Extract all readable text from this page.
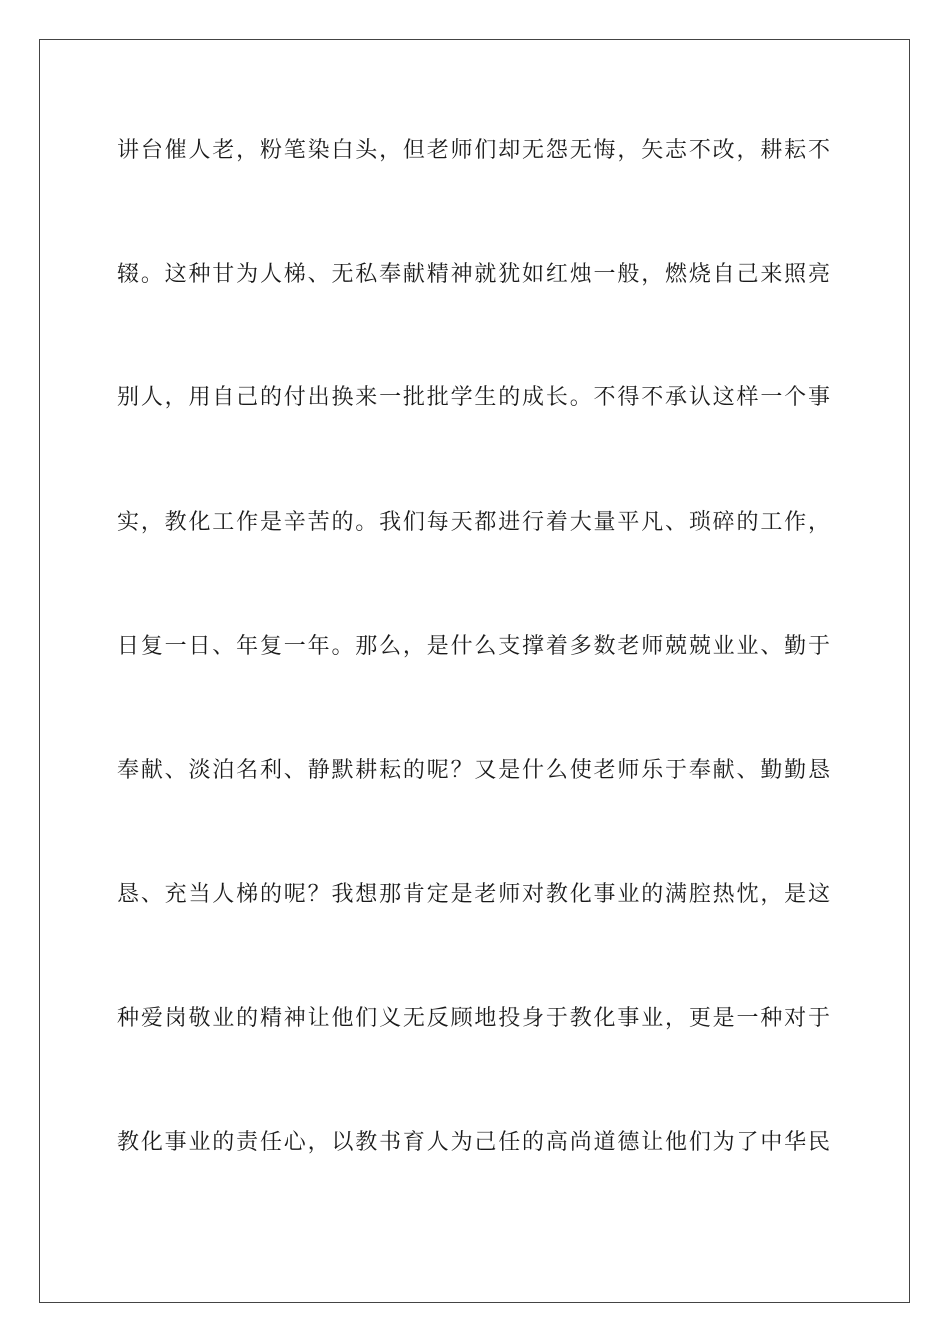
讲台催人老，粉笔染白头，但老师们却无怨无悔，矢志不改，耕耘不
辍。这种甘为人梯、无私奉献精神就犹如红烛一般，燃烧自己来照亮
别人，用自己的付出换来一批批学生的成长。不得不承认这样一个事
实，教化工作是辛苦的。我们每天都进行着大量平凡、琐碎的工作，
日复一日、年复一年。那么，是什么支撑着多数老师兢兢业业、勤于
奉献、淡泊名利、静默耕耘的呢？又是什么使老师乐于奉献、勤勤恳
恳、充当人梯的呢？我想那肯定是老师对教化事业的满腔热忱，是这
种爱岗敬业的精神让他们义无反顾地投身于教化事业，更是一种对于
教化事业的责任心，以教书育人为己任的高尚道德让他们为了中华民
